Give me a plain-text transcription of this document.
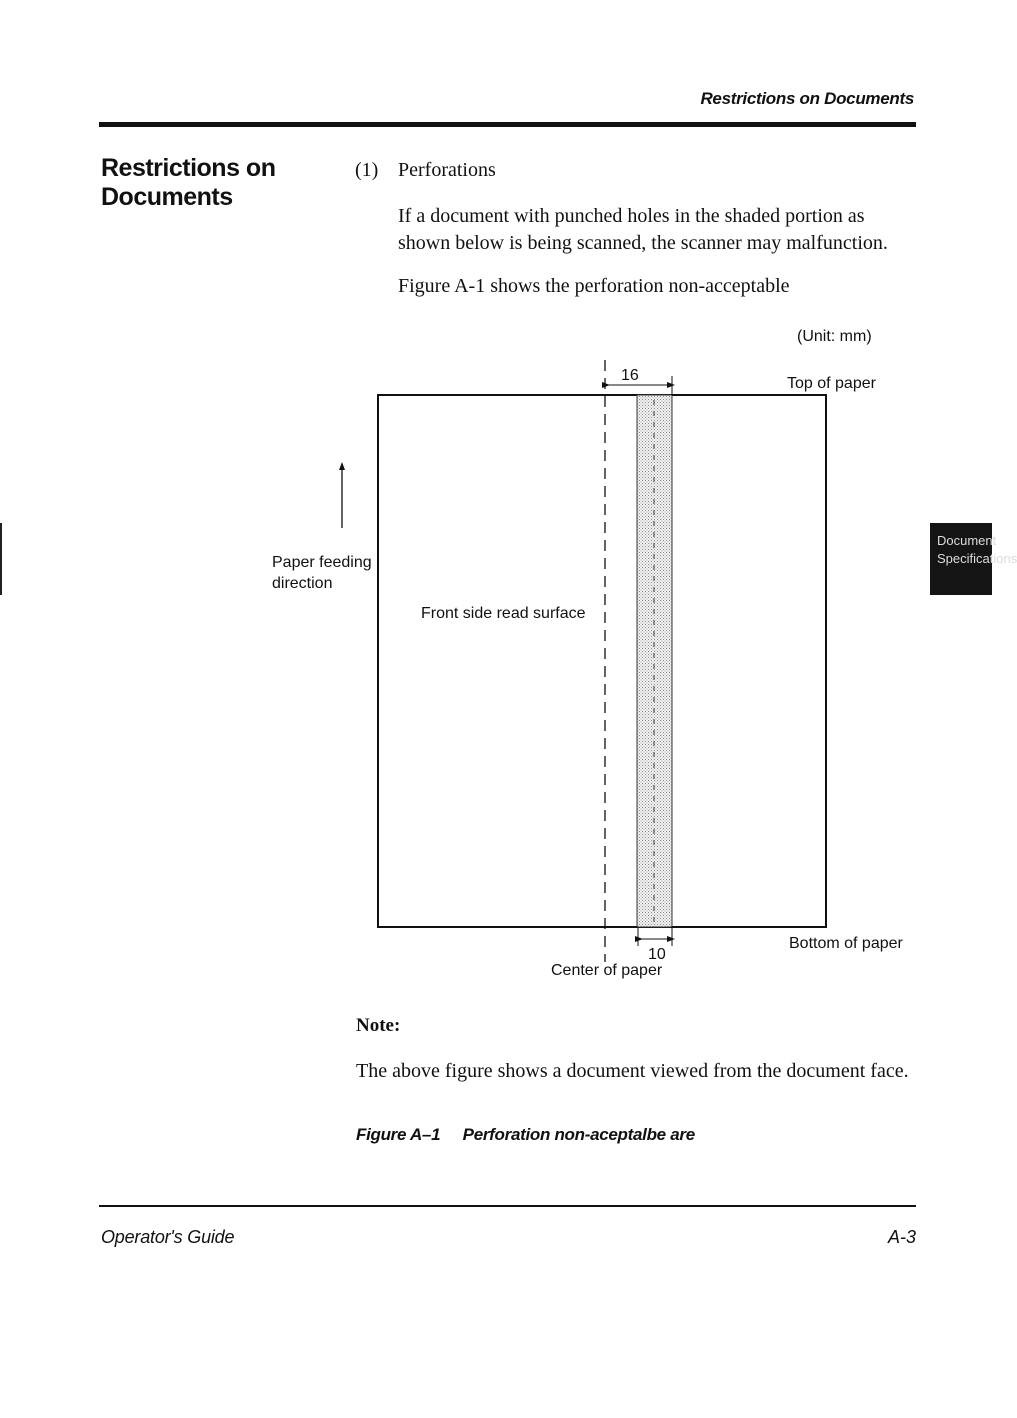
Restrictions on Documents
Restrictions on Documents
(1) Perforations
If a document with punched holes in the shaded portion as shown below is being scanned, the scanner may malfunction.
Figure A-1 shows the perforation non-acceptable
(Unit: mm)
16
10
Top of paper
Bottom of paper
Center of paper
Front side read surface
Paper feeding
direction
Note:
The above figure shows a document viewed from the document face.
Figure A–1 Perforation non-aceptalbe are
Operator's Guide	A-3
Document
Specifications
